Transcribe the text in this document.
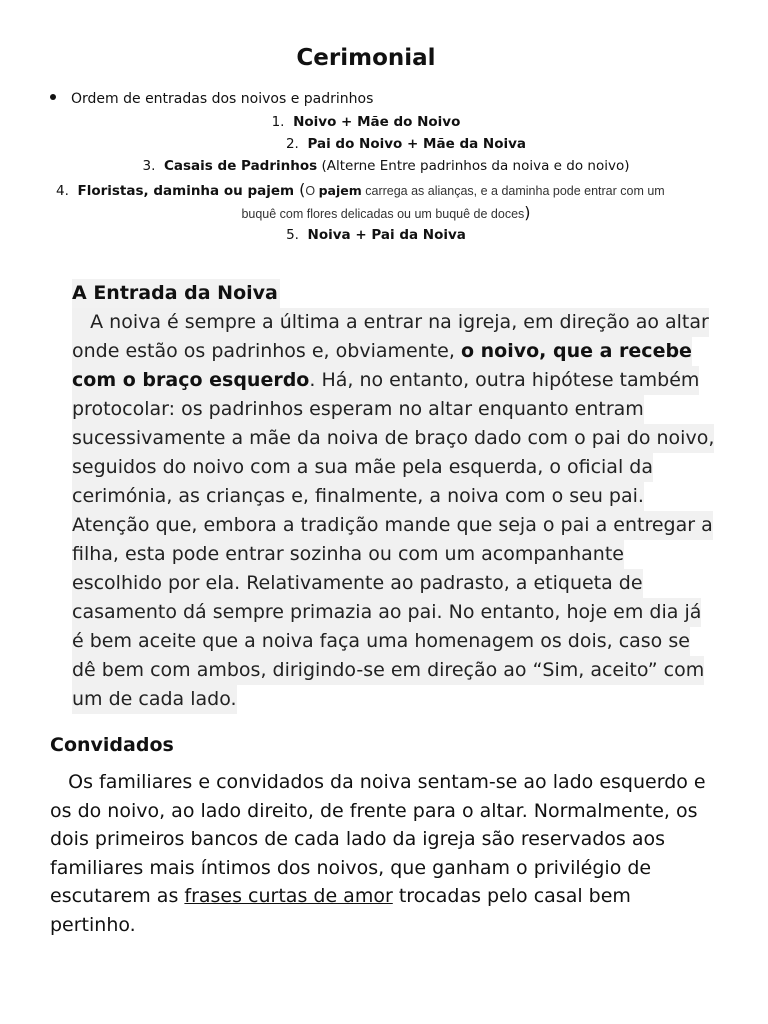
Cerimonial
Ordem de entradas dos noivos e padrinhos
1. Noivo + Mãe do Noivo
2. Pai do Noivo + Mãe da Noiva
3. Casais de Padrinhos (Alterne Entre padrinhos da noiva e do noivo)
4. Floristas, daminha ou pajem (O pajem carrega as alianças, e a daminha pode entrar com um
buquê com flores delicadas ou um buquê de doces)
5. Noiva + Pai da Noiva
A Entrada da Noiva
A noiva é sempre a última a entrar na igreja, em direção ao altar
onde estão os padrinhos e, obviamente, o noivo, que a recebe
com o braço esquerdo. Há, no entanto, outra hipótese também
protocolar: os padrinhos esperam no altar enquanto entram
sucessivamente a mãe da noiva de braço dado com o pai do noivo,
seguidos do noivo com a sua mãe pela esquerda, o oficial da
cerimónia, as crianças e, finalmente, a noiva com o seu pai.
Atenção que, embora a tradição mande que seja o pai a entregar a
filha, esta pode entrar sozinha ou com um acompanhante
escolhido por ela. Relativamente ao padrasto, a etiqueta de
casamento dá sempre primazia ao pai. No entanto, hoje em dia já
é bem aceite que a noiva faça uma homenagem os dois, caso se
dê bem com ambos, dirigindo-se em direção ao “Sim, aceito” com
um de cada lado.
Convidados
Os familiares e convidados da noiva sentam-se ao lado esquerdo e
os do noivo, ao lado direito, de frente para o altar. Normalmente, os
dois primeiros bancos de cada lado da igreja são reservados aos
familiares mais íntimos dos noivos, que ganham o privilégio de
escutarem as frases curtas de amor trocadas pelo casal bem
pertinho.
